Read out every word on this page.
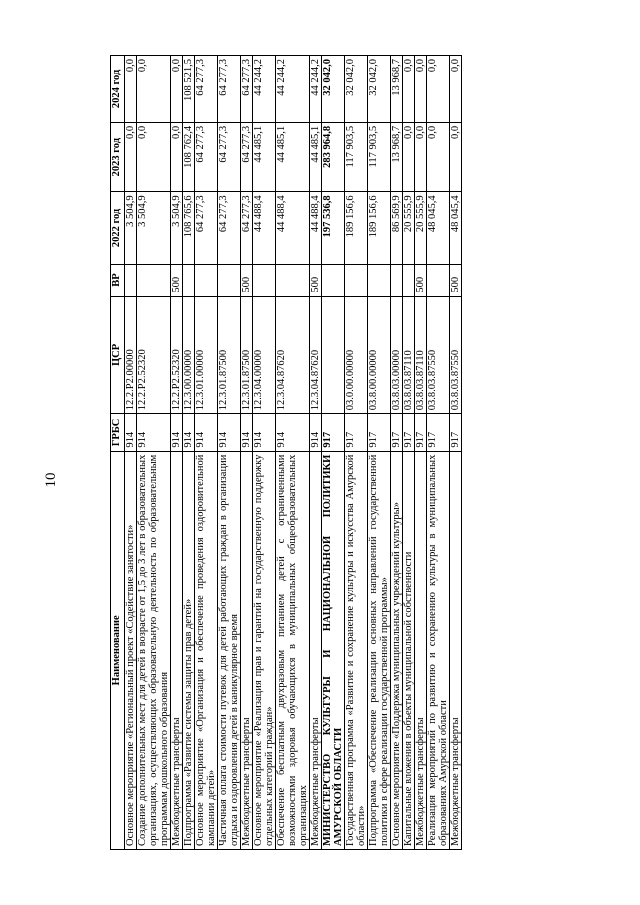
10
Наименование	ГРБС	ЦСР	ВР	2022 год	2023 год	2024 год
Основное мероприятие «Региональный проект «Содействие занятости»	914	12.2.P2.00000		3 504,9	0,0	0,0
Создание дополнительных мест для детей в возрасте от 1,5 до 3 лет в образовательных организациях, осуществляющих образовательную деятельность по образовательным программам дошкольного образования	914	12.2.P2.52320		3 504,9	0,0	0,0
Межбюджетные трансферты	914	12.2.P2.52320	500	3 504,9	0,0	0,0
Подпрограмма «Развитие системы защиты прав детей»	914	12.3.00.00000		108 765,6	108 762,4	108 521,5
Основное мероприятие «Организация и обеспечение проведения оздоровительной кампании детей»	914	12.3.01.00000		64 277,3	64 277,3	64 277,3
Частичная оплата стоимости путевок для детей работающих граждан в организации отдыха и оздоровления детей в каникулярное время	914	12.3.01.87500		64 277,3	64 277,3	64 277,3
Межбюджетные трансферты	914	12.3.01.87500	500	64 277,3	64 277,3	64 277,3
Основное мероприятие «Реализация прав и гарантий на государственную поддержку отдельных категорий граждан»	914	12.3.04.00000		44 488,4	44 485,1	44 244,2
Обеспечение бесплатным двухразовым питанием детей с ограниченными возможностями здоровья обучающихся в муниципальных общеобразовательных организациях	914	12.3.04.87620		44 488,4	44 485,1	44 244,2
Межбюджетные трансферты	914	12.3.04.87620	500	44 488,4	44 485,1	44 244,2
МИНИСТЕРСТВО КУЛЬТУРЫ И НАЦИОНАЛЬНОЙ ПОЛИТИКИ АМУРСКОЙ ОБЛАСТИ	917			197 536,8	283 964,8	32 042,0
Государственная программа «Развитие и сохранение культуры и искусства Амурской области»	917	03.0.00.00000		189 156,6	117 903,5	32 042,0
Подпрограмма «Обеспечение реализации основных направлений государственной политики в сфере реализации государственной программы»	917	03.8.00.00000		189 156,6	117 903,5	32 042,0
Основное мероприятие «Поддержка муниципальных учреждений культуры»	917	03.8.03.00000		86 569,9	13 968,7	13 968,7
Капитальные вложения в объекты муниципальной собственности	917	03.8.03.87110		20 555,9	0,0	0,0
Межбюджетные трансферты	917	03.8.03.87110	500	20 555,9	0,0	0,0
Реализация мероприятий по развитию и сохранению культуры в муниципальных образованиях Амурской области	917	03.8.03.87550		48 045,4	0,0	0,0
Межбюджетные трансферты	917	03.8.03.87550	500	48 045,4	0,0	0,0
